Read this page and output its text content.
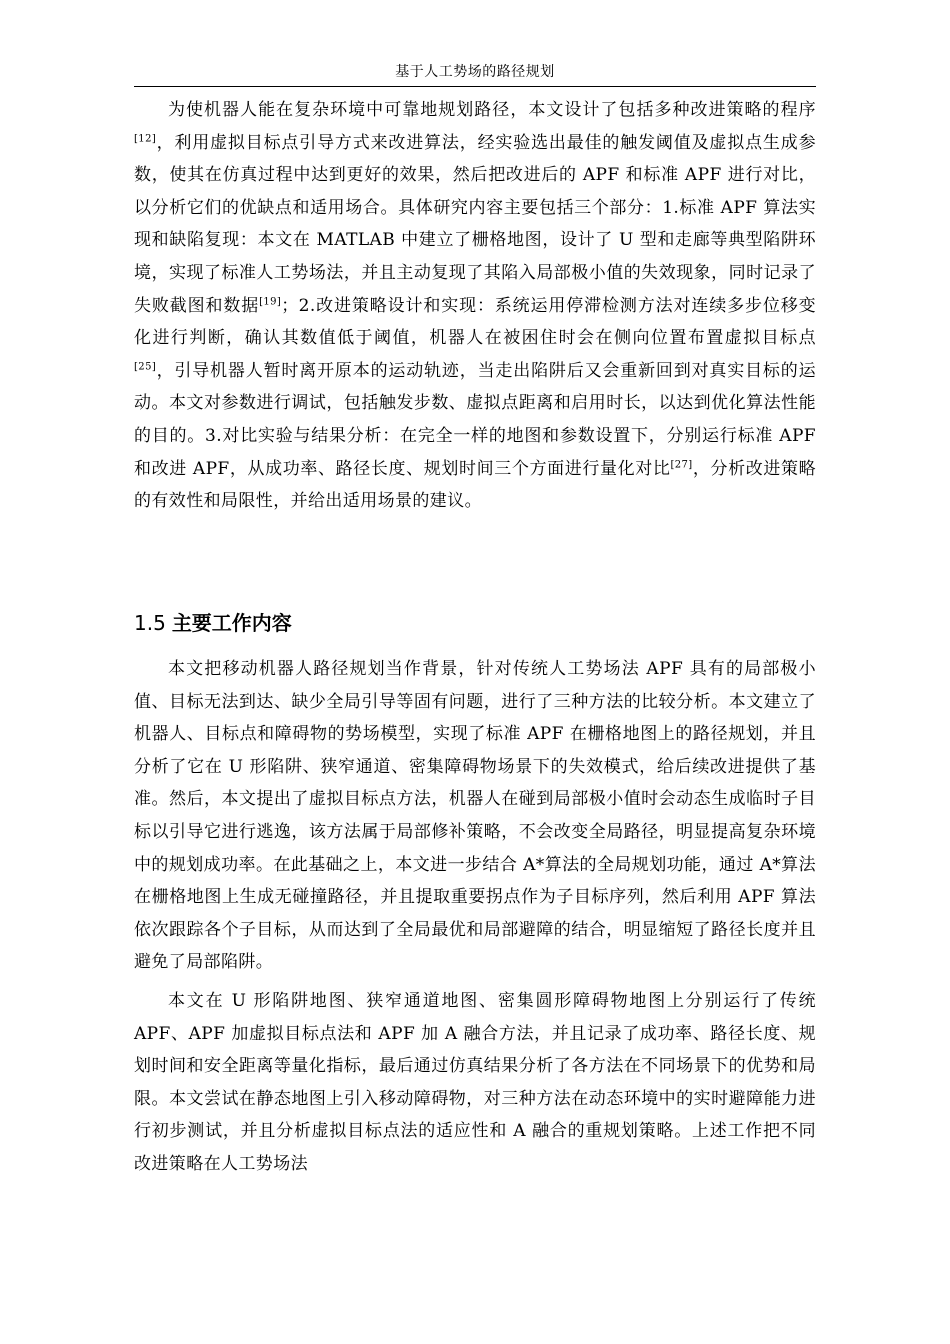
基于人工势场的路径规划

为使机器人能在复杂环境中可靠地规划路径，本文设计了包括多种改进策略的程序[12]，利用虚拟目标点引导方式来改进算法，经实验选出最佳的触发阈值及虚拟点生成参数，使其在仿真过程中达到更好的效果，然后把改进后的 APF 和标准 APF 进行对比，以分析它们的优缺点和适用场合。具体研究内容主要包括三个部分：1.标准 APF 算法实现和缺陷复现：本文在 MATLAB 中建立了栅格地图，设计了 U 型和走廊等典型陷阱环境，实现了标准人工势场法，并且主动复现了其陷入局部极小值的失效现象，同时记录了失败截图和数据[19]；2.改进策略设计和实现：系统运用停滞检测方法对连续多步位移变化进行判断，确认其数值低于阈值，机器人在被困住时会在侧向位置布置虚拟目标点[25]，引导机器人暂时离开原本的运动轨迹，当走出陷阱后又会重新回到对真实目标的运动。本文对参数进行调试，包括触发步数、虚拟点距离和启用时长，以达到优化算法性能的目的。3.对比实验与结果分析：在完全一样的地图和参数设置下，分别运行标准 APF 和改进 APF，从成功率、路径长度、规划时间三个方面进行量化对比[27]，分析改进策略的有效性和局限性，并给出适用场景的建议。

1.5 主要工作内容

本文把移动机器人路径规划当作背景，针对传统人工势场法 APF 具有的局部极小值、目标无法到达、缺少全局引导等固有问题，进行了三种方法的比较分析。本文建立了机器人、目标点和障碍物的势场模型，实现了标准 APF 在栅格地图上的路径规划，并且分析了它在 U 形陷阱、狭窄通道、密集障碍物场景下的失效模式，给后续改进提供了基准。然后，本文提出了虚拟目标点方法，机器人在碰到局部极小值时会动态生成临时子目标以引导它进行逃逸，该方法属于局部修补策略，不会改变全局路径，明显提高复杂环境中的规划成功率。在此基础之上，本文进一步结合 A*算法的全局规划功能，通过 A*算法在栅格地图上生成无碰撞路径，并且提取重要拐点作为子目标序列，然后利用 APF 算法依次跟踪各个子目标，从而达到了全局最优和局部避障的结合，明显缩短了路径长度并且避免了局部陷阱。

本文在 U 形陷阱地图、狭窄通道地图、密集圆形障碍物地图上分别运行了传统 APF、APF 加虚拟目标点法和 APF 加 A 融合方法，并且记录了成功率、路径长度、规划时间和安全距离等量化指标，最后通过仿真结果分析了各方法在不同场景下的优势和局限。本文尝试在静态地图上引入移动障碍物，对三种方法在动态环境中的实时避障能力进行初步测试，并且分析虚拟目标点法的适应性和 A 融合的重规划策略。上述工作把不同改进策略在人工势场法
